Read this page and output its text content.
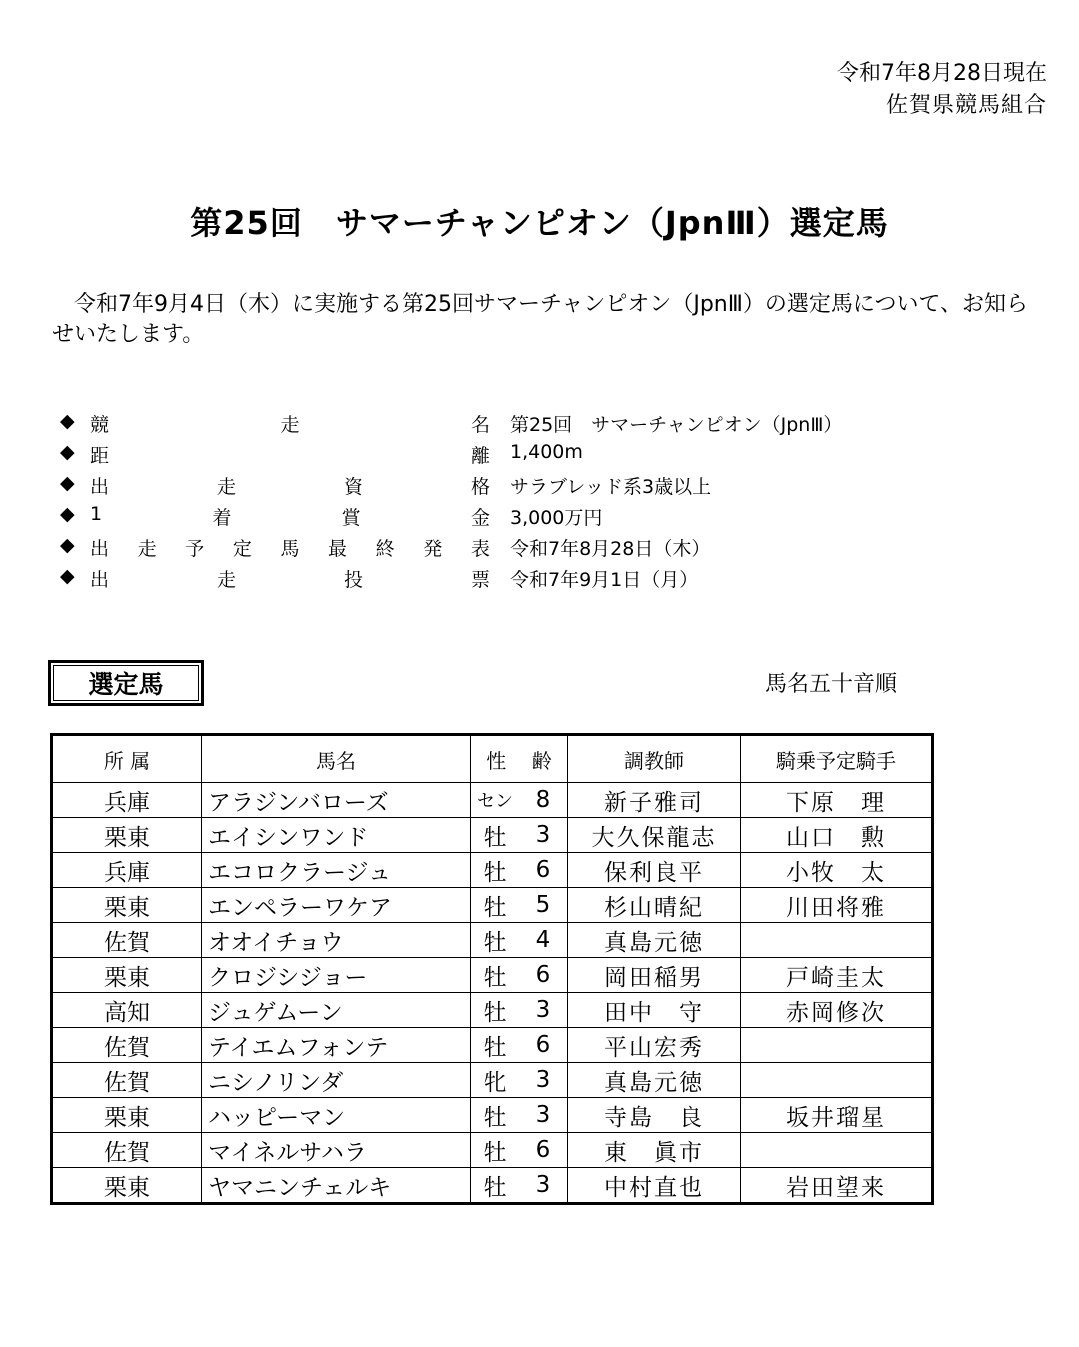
令和7年8月28日現在
佐賀県競馬組合
第25回　サマーチャンピオン（JpnⅢ）選定馬
令和7年9月4日（木）に実施する第25回サマーチャンピオン（JpnⅢ）の選定馬について、お知らせいたします。
◆ 競	走	名 第25回　サマーチャンピオン（JpnⅢ）
◆ 距	離 1,400m
◆ 出	走	資	格 サラブレッド系3歳以上
◆ 1	着	賞	金 3,000万円
◆ 出 走 予 定 馬 最 終 発 表 令和7年8月28日（木）
◆ 出	走	投	票 令和7年9月1日（月）
選定馬	馬名五十音順
所 属	馬名	性 齢		調教師	騎乗予定騎手
兵庫	アラジンバローズ	セン	8	新子雅司	下原　理
栗東	エイシンワンド	牡	3	大久保龍志	山口　勲
兵庫	エコロクラージュ	牡	6	保利良平	小牧　太
栗東	エンペラーワケア	牡	5	杉山晴紀	川田将雅
佐賀	オオイチョウ	牡	4	真島元徳	
栗東	クロジシジョー	牡	6	岡田稲男	戸崎圭太
高知	ジュゲムーン	牡	3	田中　守	赤岡修次
佐賀	テイエムフォンテ	牡	6	平山宏秀	
佐賀	ニシノリンダ	牝	3	真島元徳	
栗東	ハッピーマン	牡	3	寺島　良	坂井瑠星
佐賀	マイネルサハラ	牡	6	東　眞市	
栗東	ヤマニンチェルキ	牡	3	中村直也	岩田望来
